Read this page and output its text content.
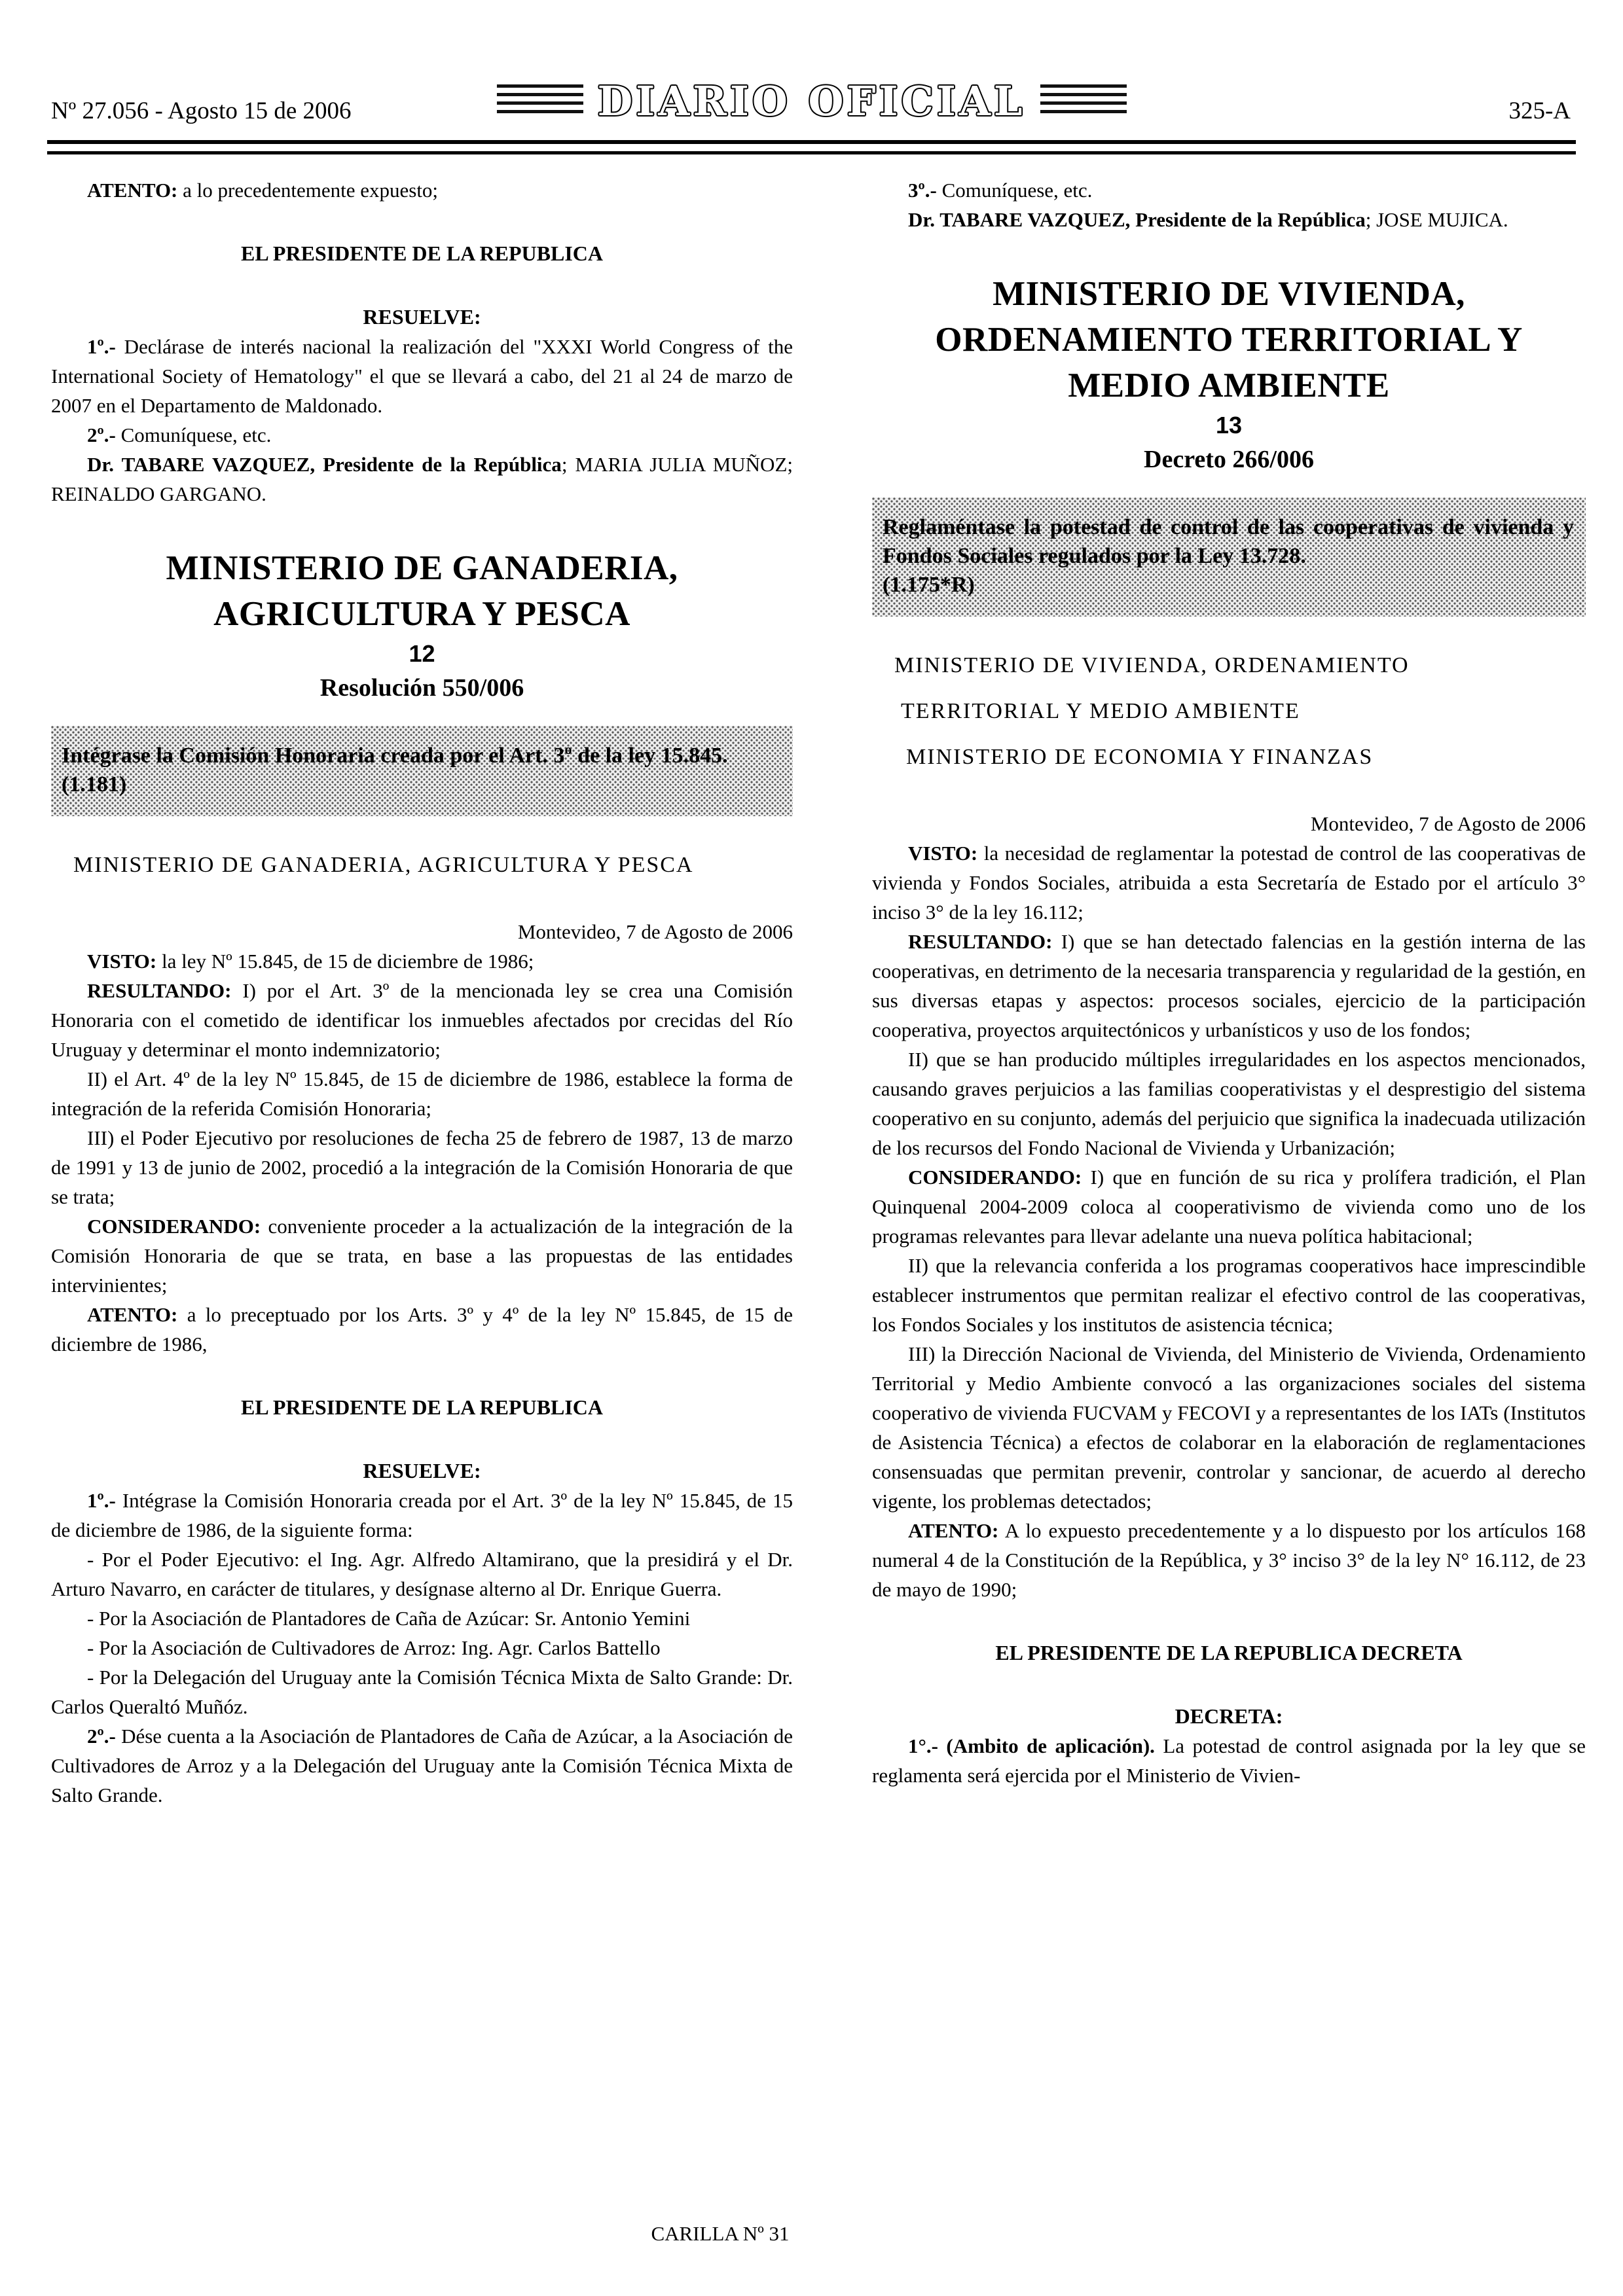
Nº 27.056 - Agosto 15 de 2006	DIARIO OFICIAL	325-A

ATENTO: a lo precedentemente expuesto;

EL PRESIDENTE DE LA REPUBLICA

RESUELVE:

1º.- Declárase de interés nacional la realización del "XXXI World Congress of the International Society of Hematology" el que se llevará a cabo, del 21 al 24 de marzo de 2007 en el Departamento de Maldonado.

2º.- Comuníquese, etc.

Dr. TABARE VAZQUEZ, Presidente de la República; MARIA JULIA MUÑOZ; REINALDO GARGANO.

MINISTERIO DE GANADERIA, AGRICULTURA Y PESCA
12
Resolución 550/006
Intégrase la Comisión Honoraria creada por el Art. 3º de la ley 15.845.
(1.181)
MINISTERIO DE GANADERIA, AGRICULTURA Y PESCA

Montevideo, 7 de Agosto de 2006

VISTO: la ley Nº 15.845, de 15 de diciembre de 1986;

RESULTANDO: I) por el Art. 3º de la mencionada ley se crea una Comisión Honoraria con el cometido de identificar los inmuebles afectados por crecidas del Río Uruguay y determinar el monto indemnizatorio;

II) el Art. 4º de la ley Nº 15.845, de 15 de diciembre de 1986, establece la forma de integración de la referida Comisión Honoraria;

III) el Poder Ejecutivo por resoluciones de fecha 25 de febrero de 1987, 13 de marzo de 1991 y 13 de junio de 2002, procedió a la integración de la Comisión Honoraria de que se trata;

CONSIDERANDO: conveniente proceder a la actualización de la integración de la Comisión Honoraria de que se trata, en base a las propuestas de las entidades intervinientes;

ATENTO: a lo preceptuado por los Arts. 3º y 4º de la ley Nº 15.845, de 15 de diciembre de 1986,

EL PRESIDENTE DE LA REPUBLICA

RESUELVE:

1º.- Intégrase la Comisión Honoraria creada por el Art. 3º de la ley Nº 15.845, de 15 de diciembre de 1986, de la siguiente forma:

- Por el Poder Ejecutivo: el Ing. Agr. Alfredo Altamirano, que la presidirá y el Dr. Arturo Navarro, en carácter de titulares, y desígnase alterno al Dr. Enrique Guerra.

- Por la Asociación de Plantadores de Caña de Azúcar: Sr. Antonio Yemini

- Por la Asociación de Cultivadores de Arroz: Ing. Agr. Carlos Battello

- Por la Delegación del Uruguay ante la Comisión Técnica Mixta de Salto Grande: Dr. Carlos Queraltó Muñóz.

2º.- Dése cuenta a la Asociación de Plantadores de Caña de Azúcar, a la Asociación de Cultivadores de Arroz y a la Delegación del Uruguay ante la Comisión Técnica Mixta de Salto Grande.

3º.- Comuníquese, etc.

Dr. TABARE VAZQUEZ, Presidente de la República; JOSE MUJICA.

MINISTERIO DE VIVIENDA, ORDENAMIENTO TERRITORIAL Y MEDIO AMBIENTE
13
Decreto 266/006
Reglaméntase la potestad de control de las cooperativas de vivienda y Fondos Sociales regulados por la Ley 13.728.
(1.175*R)
MINISTERIO DE VIVIENDA, ORDENAMIENTO
TERRITORIAL Y MEDIO AMBIENTE
MINISTERIO DE ECONOMIA Y FINANZAS

Montevideo, 7 de Agosto de 2006

VISTO: la necesidad de reglamentar la potestad de control de las cooperativas de vivienda y Fondos Sociales, atribuida a esta Secretaría de Estado por el artículo 3° inciso 3° de la ley 16.112;

RESULTANDO: I) que se han detectado falencias en la gestión interna de las cooperativas, en detrimento de la necesaria transparencia y regularidad de la gestión, en sus diversas etapas y aspectos: procesos sociales, ejercicio de la participación cooperativa, proyectos arquitectónicos y urbanísticos y uso de los fondos;

II) que se han producido múltiples irregularidades en los aspectos mencionados, causando graves perjuicios a las familias cooperativistas y el desprestigio del sistema cooperativo en su conjunto, además del perjuicio que significa la inadecuada utilización de los recursos del Fondo Nacional de Vivienda y Urbanización;

CONSIDERANDO: I) que en función de su rica y prolífera tradición, el Plan Quinquenal 2004-2009 coloca al cooperativismo de vivienda como uno de los programas relevantes para llevar adelante una nueva política habitacional;

II) que la relevancia conferida a los programas cooperativos hace imprescindible establecer instrumentos que permitan realizar el efectivo control de las cooperativas, los Fondos Sociales y los institutos de asistencia técnica;

III) la Dirección Nacional de Vivienda, del Ministerio de Vivienda, Ordenamiento Territorial y Medio Ambiente convocó a las organizaciones sociales del sistema cooperativo de vivienda FUCVAM y FECOVI y a representantes de los IATs (Institutos de Asistencia Técnica) a efectos de colaborar en la elaboración de reglamentaciones consensuadas que permitan prevenir, controlar y sancionar, de acuerdo al derecho vigente, los problemas detectados;

ATENTO: A lo expuesto precedentemente y a lo dispuesto por los artículos 168 numeral 4 de la Constitución de la República, y 3° inciso 3° de la ley N° 16.112, de 23 de mayo de 1990;

EL PRESIDENTE DE LA REPUBLICA DECRETA

DECRETA:

1°.- (Ambito de aplicación). La potestad de control asignada por la ley que se reglamenta será ejercida por el Ministerio de Vivien-

CARILLA Nº 31
